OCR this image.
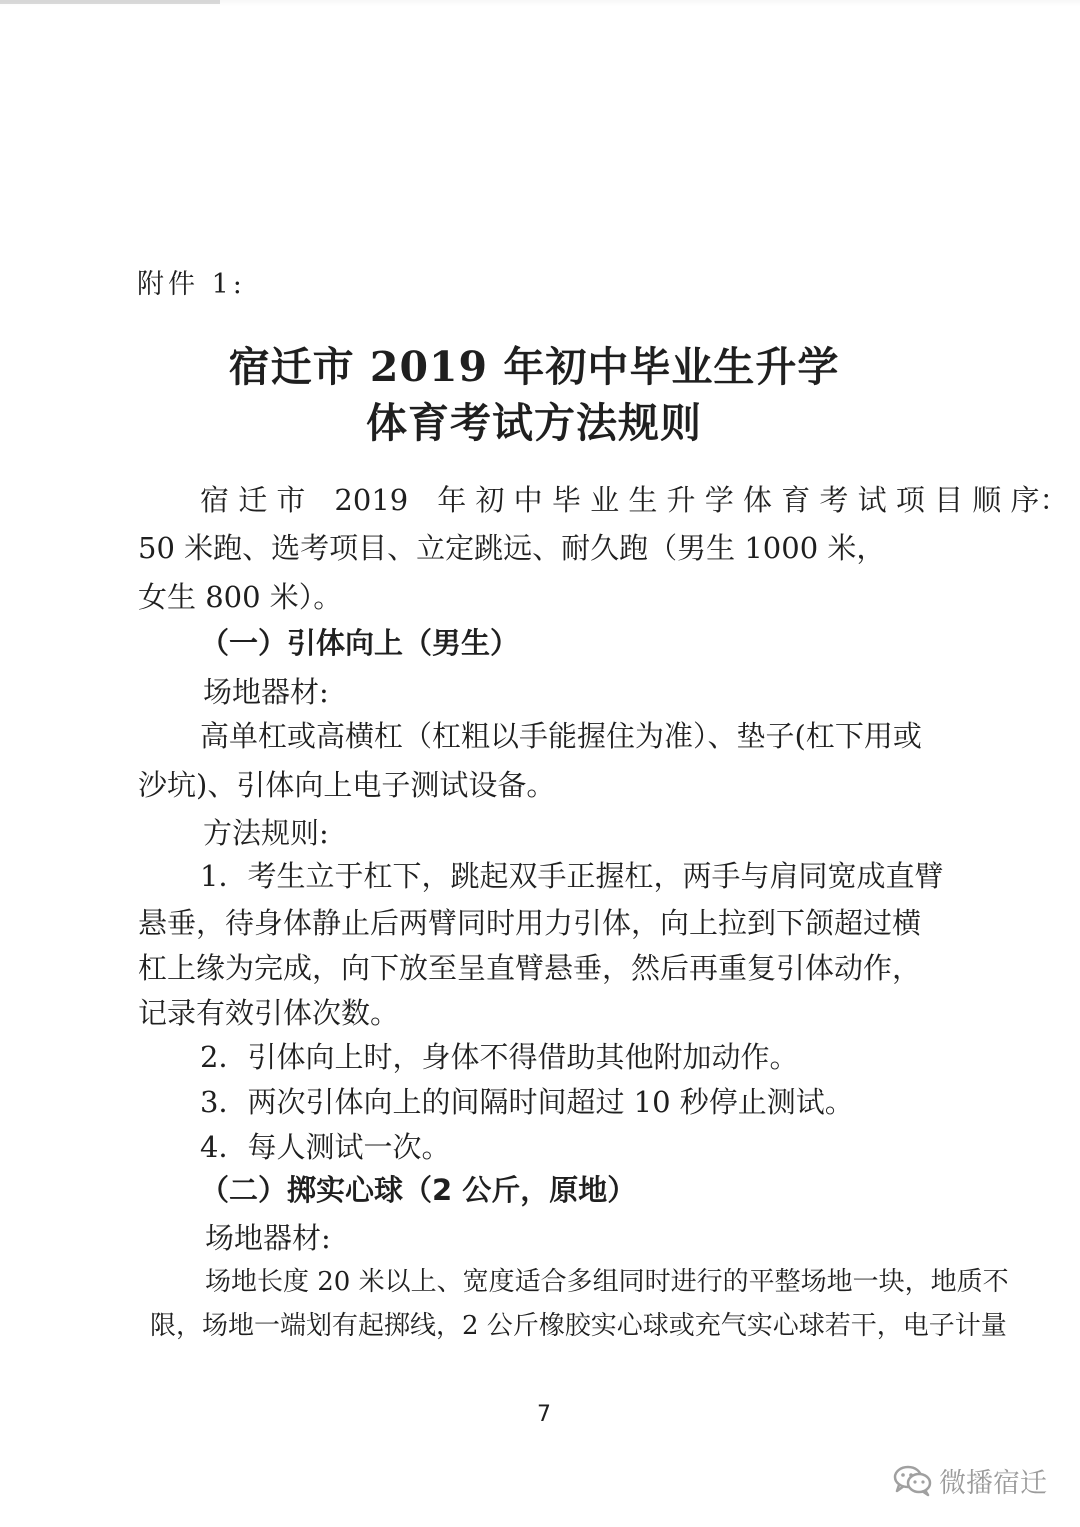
附件 1:
宿迁市 2019 年初中毕业生升学
体育考试方法规则
宿 迁 市　2019　年 初 中 毕 业 生 升 学 体 育 考 试 项 目 顺 序：
50 米跑、选考项目、立定跳远、耐久跑（男生 1000 米，
女生 800 米）。
（一）引体向上（男生）
场地器材:
高单杠或高横杠（杠粗以手能握住为准）、垫子(杠下用或
沙坑)、引体向上电子测试设备。
方法规则:
1．考生立于杠下，跳起双手正握杠，两手与肩同宽成直臂
悬垂，待身体静止后两臂同时用力引体，向上拉到下颌超过横
杠上缘为完成，向下放至呈直臂悬垂，然后再重复引体动作，
记录有效引体次数。
2．引体向上时，身体不得借助其他附加动作。
3．两次引体向上的间隔时间超过 10 秒停止测试。
4．每人测试一次。
（二）掷实心球（2 公斤，原地）
场地器材:
场地长度 20 米以上、宽度适合多组同时进行的平整场地一块，地质不
限，场地一端划有起掷线，2 公斤橡胶实心球或充气实心球若干，电子计量
7
微播宿迁
